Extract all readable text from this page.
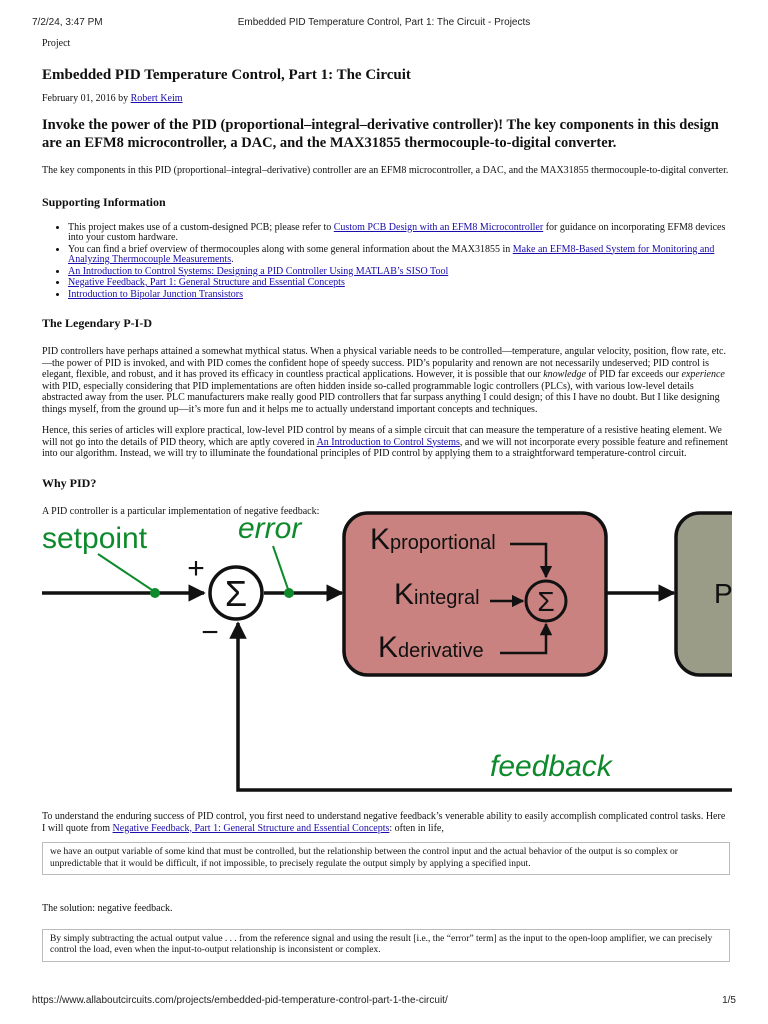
7/2/24, 3:47 PM	Embedded PID Temperature Control, Part 1: The Circuit - Projects
Project
Embedded PID Temperature Control, Part 1: The Circuit
February 01, 2016 by Robert Keim
Invoke the power of the PID (proportional–integral–derivative controller)! The key components in this design are an EFM8 microcontroller, a DAC, and the MAX31855 thermocouple-to-digital converter.

The key components in this PID (proportional–integral–derivative) controller are an EFM8 microcontroller, a DAC, and the MAX31855 thermocouple-to-digital converter.

Supporting Information
• This project makes use of a custom-designed PCB; please refer to Custom PCB Design with an EFM8 Microcontroller for guidance on incorporating EFM8 devices into your custom hardware.
• You can find a brief overview of thermocouples along with some general information about the MAX31855 in Make an EFM8-Based System for Monitoring and Analyzing Thermocouple Measurements.
• An Introduction to Control Systems: Designing a PID Controller Using MATLAB’s SISO Tool
• Negative Feedback, Part 1: General Structure and Essential Concepts
• Introduction to Bipolar Junction Transistors
The Legendary P-I-D

PID controllers have perhaps attained a somewhat mythical status. When a physical variable needs to be controlled—temperature, angular velocity, position, flow rate, etc.—the power of PID is invoked, and with PID comes the confident hope of speedy success. PID’s popularity and renown are not necessarily undeserved; PID control is elegant, flexible, and robust, and it has proved its efficacy in countless practical applications. However, it is possible that our knowledge of PID far exceeds our experience with PID, especially considering that PID implementations are often hidden inside so-called programmable logic controllers (PLCs), with various low-level details abstracted away from the user. PLC manufacturers make really good PID controllers that far surpass anything I could design; of this I have no doubt. But I like designing things myself, from the ground up—it’s more fun and it helps me to actually understand important concepts and techniques.

Hence, this series of articles will explore practical, low-level PID control by means of a simple circuit that can measure the temperature of a resistive heating element. We will not go into the details of PID theory, which are aptly covered in An Introduction to Control Systems, and we will not incorporate every possible feature and refinement into our algorithm. Instead, we will try to illuminate the foundational principles of PID control by applying them to a straightforward temperature-control circuit.

Why PID?

A PID controller is a particular implementation of negative feedback:

Σ
+
−
Σ
Kproportional
Kintegral
Kderivative
P
setpoint	error
feedback

To understand the enduring success of PID control, you first need to understand negative feedback’s venerable ability to easily accomplish complicated control tasks. Here I will quote from Negative Feedback, Part 1: General Structure and Essential Concepts: often in life,

we have an output variable of some kind that must be controlled, but the relationship between the control input and the actual behavior of the output is so complex or unpredictable that it would be difficult, if not impossible, to precisely regulate the output simply by applying a specified input.

The solution: negative feedback.

By simply subtracting the actual output value . . . from the reference signal and using the result [i.e., the “error” term] as the input to the open-loop amplifier, we can precisely control the load, even when the input-to-output relationship is inconsistent or complex.
https://www.allaboutcircuits.com/projects/embedded-pid-temperature-control-part-1-the-circuit/	1/5
